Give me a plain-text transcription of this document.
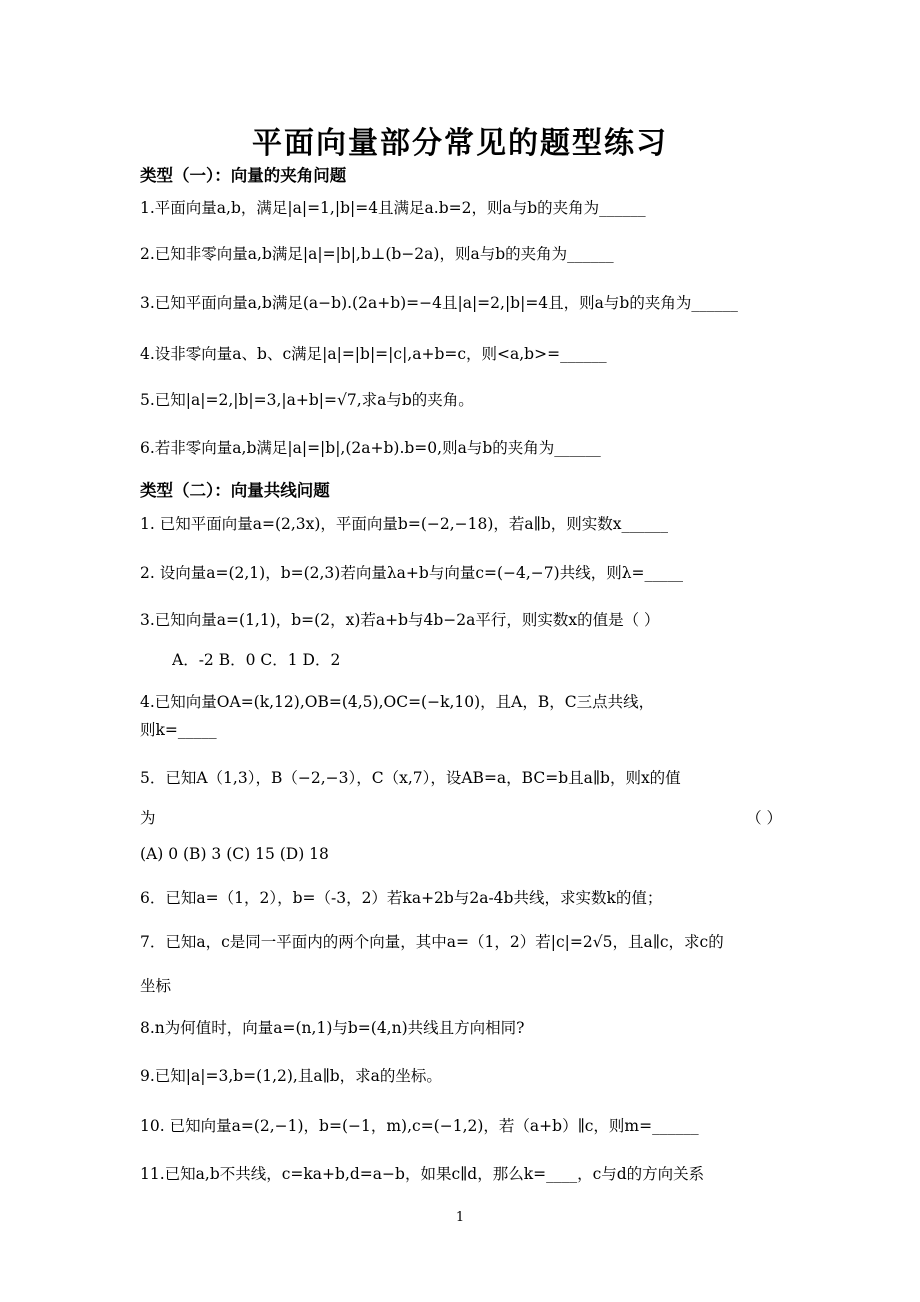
平面向量部分常见的题型练习
类型（一）：向量的夹角问题
1.平面向量a,b，满足|a|=1,|b|=4且满足a.b=2，则a与b的夹角为______
2.已知非零向量a,b满足|a|=|b|,b⊥(b−2a)，则a与b的夹角为______
3.已知平面向量a,b满足(a−b).(2a+b)=−4且|a|=2,|b|=4且，则a与b的夹角为______
4.设非零向量a、b、c满足|a|=|b|=|c|,a+b=c，则<a,b>=______
5.已知|a|=2,|b|=3,|a+b|=√7,求a与b的夹角。
6.若非零向量a,b满足|a|=|b|,(2a+b).b=0,则a与b的夹角为______
类型（二）：向量共线问题
1. 已知平面向量a=(2,3x)，平面向量b=(−2,−18)，若a∥b，则实数x______
2. 设向量a=(2,1)，b=(2,3)若向量λa+b与向量c=(−4,−7)共线，则λ=_____
3.已知向量a=(1,1)，b=(2，x)若a+b与4b−2a平行，则实数x的值是（ ）
A．-2 B．0 C．1 D．2
4.已知向量OA=(k,12),OB=(4,5),OC=(−k,10)，且A，B，C三点共线，
则k=_____
5．已知A（1,3），B（−2,−3），C（x,7），设AB=a，BC=b且a∥b，则x的值
为	（ ）
(A) 0 (B) 3 (C) 15 (D) 18
6．已知a=（1，2），b=（-3，2）若ka+2b与2a-4b共线，求实数k的值；
7．已知a，c是同一平面内的两个向量，其中a=（1，2）若|c|=2√5，且a∥c，求c的
坐标
8.n为何值时，向量a=(n,1)与b=(4,n)共线且方向相同?
9.已知|a|=3,b=(1,2),且a∥b，求a的坐标。
10. 已知向量a=(2,−1)，b=(−1，m),c=(−1,2)，若（a+b）∥c，则m=______
11.已知a,b不共线，c=ka+b,d=a−b，如果c∥d，那么k=____，c与d的方向关系
1
